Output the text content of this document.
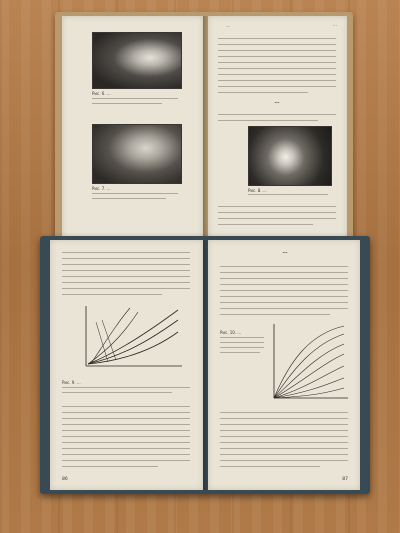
Рис. 6. ...
Рис. 7. ...
...	...
...
Рис. 8. ...
Рис. 9. ...
86
...
Рис. 10. ...
87
